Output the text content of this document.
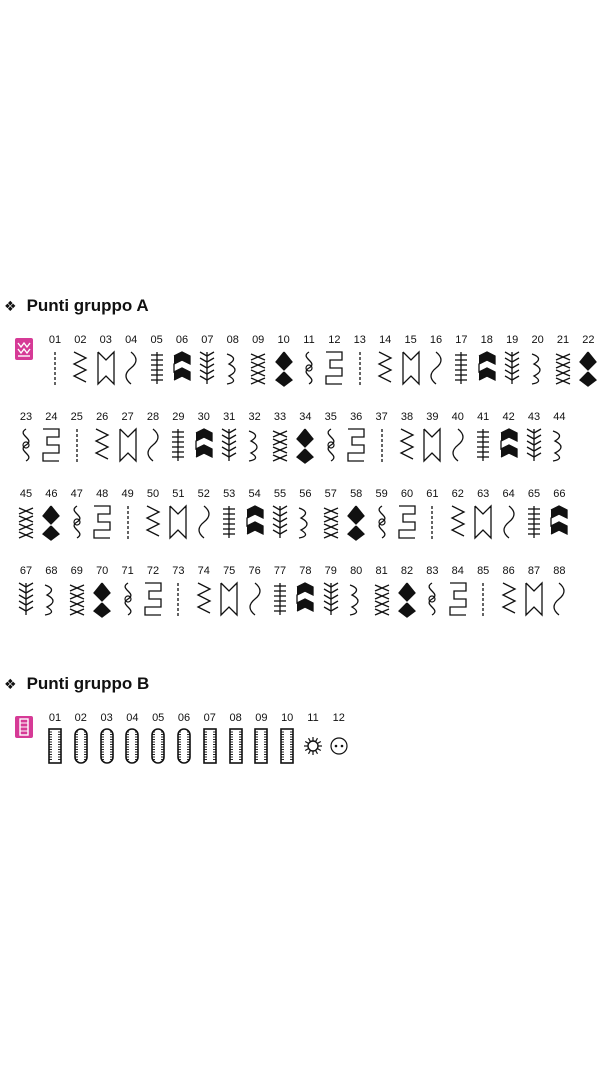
❖ Punti gruppo A
01	02	03	04	05	06	07	08	09	10	11	12	13	14	15	16	17	18	19	20	21	22
23	24	25	26	27	28	29	30	31	32	33	34	35	36	37	38	39	40	41	42	43	44
45	46	47	48	49	50	51	52	53	54	55	56	57	58	59	60	61	62	63	64	65	66
67	68	69	70	71	72	73	74	75	76	77	78	79	80	81	82	83	84	85	86	87	88
❖ Punti gruppo B
01	02	03	04	05	06	07	08	09	10	11	12
